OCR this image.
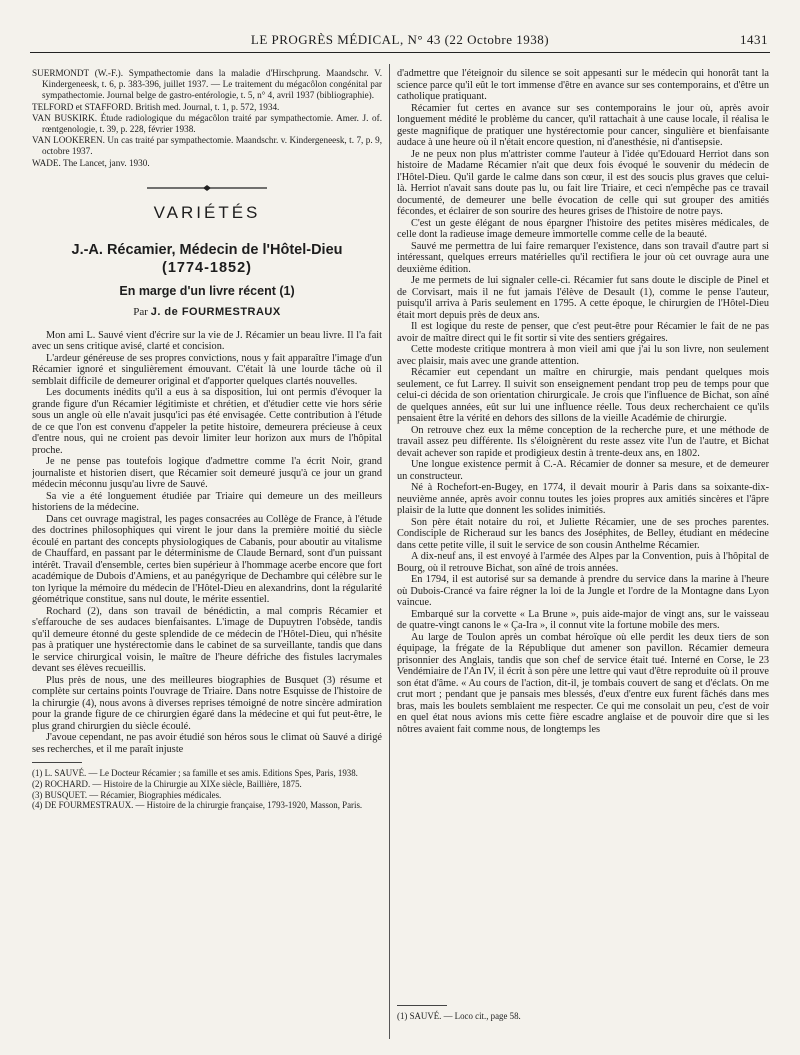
LE PROGRÈS MÉDICAL, N° 43 (22 Octobre 1938)	1431

SUERMONDT (W.-F.). Sympathectomie dans la maladie d'Hirschprung. Maandschr. V. Kindergeneesk, t. 6, p. 383-396, juillet 1937. — Le traitement du mégacôlon congénital par sympathectomie. Journal belge de gastro-entérologie, t. 5, n° 4, avril 1937 (bibliographie).

TELFORD et STAFFORD. British med. Journal, t. 1, p. 572, 1934.

VAN BUSKIRK. Étude radiologique du mégacôlon traité par sympathectomie. Amer. J. of. rœntgenologie, t. 39, p. 228, février 1938.

VAN LOOKEREN. Un cas traité par sympathectomie. Maandschr. v. Kindergeneesk, t. 7, p. 9, octobre 1937.

WADE. The Lancet, janv. 1930.

VARIÉTÉS

J.-A. Récamier, Médecin de l'Hôtel-Dieu

(1774-1852)

En marge d'un livre récent (1)

Par J. de FOURMESTRAUX

Mon ami L. Sauvé vient d'écrire sur la vie de J. Récamier un beau livre. Il l'a fait avec un sens critique avisé, clarté et concision.

L'ardeur généreuse de ses propres convictions, nous y fait apparaître l'image d'un Récamier ignoré et singulièrement émouvant. C'était là une lourde tâche où il semblait difficile de demeurer original et d'apporter quelques clartés nouvelles.

Les documents inédits qu'il a eus à sa disposition, lui ont permis d'évoquer la grande figure d'un Récamier légitimiste et chrétien, et d'étudier cette vie hors série sous un angle où elle n'avait jusqu'ici pas été envisagée. Cette contribution à l'étude de ce que l'on est convenu d'appeler la petite histoire, demeurera précieuse à ceux d'entre nous, qui ne croient pas devoir limiter leur horizon aux murs de l'hôpital proche.

Je ne pense pas toutefois logique d'admettre comme l'a écrit Noir, grand journaliste et historien disert, que Récamier soit demeuré jusqu'à ce jour un grand médecin méconnu jusqu'au livre de Sauvé.

Sa vie a été longuement étudiée par Triaire qui demeure un des meilleurs historiens de la médecine.

Dans cet ouvrage magistral, les pages consacrées au Collège de France, à l'étude des doctrines philosophiques qui virent le jour dans la première moitié du siècle écoulé en partant des concepts physiologiques de Cabanis, pour aboutir au vitalisme de Chauffard, en passant par le déterminisme de Claude Bernard, sont d'un puissant intérêt. Travail d'ensemble, certes bien supérieur à l'hommage acerbe encore que fort académique de Dubois d'Amiens, et au panégyrique de Dechambre qui célèbre sur le ton lyrique la mémoire du médecin de l'Hôtel-Dieu en alexandrins, dont la régularité géométrique constitue, sans nul doute, le mérite essentiel.

Rochard (2), dans son travail de bénédictin, a mal compris Récamier et s'effarouche de ses audaces bienfaisantes. L'image de Dupuytren l'obsède, tandis qu'il demeure étonné du geste splendide de ce médecin de l'Hôtel-Dieu, qui n'hésite pas à pratiquer une hystérectomie dans le cabinet de sa surveillante, tandis que dans le service chirurgical voisin, le maître de l'heure défriche des fistules lacrymales devant ses élèves recueillis.

Plus près de nous, une des meilleures biographies de Busquet (3) résume et complète sur certains points l'ouvrage de Triaire. Dans notre Esquisse de l'histoire de la chirurgie (4), nous avons à diverses reprises témoigné de notre sincère admiration pour la grande figure de ce chirurgien égaré dans la médecine et qui fut peut-être, le plus grand chirurgien du siècle écoulé.

J'avoue cependant, ne pas avoir étudié son héros sous le climat où Sauvé a dirigé ses recherches, et il me paraît injuste

(1) L. SAUVÉ. — Le Docteur Récamier ; sa famille et ses amis. Editions Spes, Paris, 1938.

(2) ROCHARD. — Histoire de la Chirurgie au XIXe siècle, Baillière, 1875.

(3) BUSQUET. — Récamier, Biographies médicales.

(4) DE FOURMESTRAUX. — Histoire de la chirurgie française, 1793-1920, Masson, Paris.

d'admettre que l'éteignoir du silence se soit appesanti sur le médecin qui honorât tant la science parce qu'il eût le tort immense d'être en avance sur ses contemporains, et d'être un catholique pratiquant.

Récamier fut certes en avance sur ses contemporains le jour où, après avoir longuement médité le problème du cancer, qu'il rattachait à une cause locale, il réalisa le geste magnifique de pratiquer une hystérectomie pour cancer, singulière et bienfaisante audace à une heure où il n'était encore question, ni d'anesthésie, ni d'antisepsie.

Je ne peux non plus m'attrister comme l'auteur à l'idée qu'Edouard Herriot dans son histoire de Madame Récamier n'ait que deux fois évoqué le souvenir du médecin de l'Hôtel-Dieu. Qu'il garde le calme dans son cœur, il est des soucis plus graves que celui-là. Herriot n'avait sans doute pas lu, ou fait lire Triaire, et ceci n'empêche pas ce travail documenté, de demeurer une belle évocation de celle qui sut grouper des amitiés fécondes, et éclairer de son sourire des heures grises de l'histoire de notre pays.

C'est un geste élégant de nous épargner l'histoire des petites misères médicales, de celle dont la radieuse image demeure immortelle comme celle de la beauté.

Sauvé me permettra de lui faire remarquer l'existence, dans son travail d'autre part si intéressant, quelques erreurs matérielles qu'il rectifiera le jour où cet ouvrage aura une deuxième édition.

Je me permets de lui signaler celle-ci. Récamier fut sans doute le disciple de Pinel et de Corvisart, mais il ne fut jamais l'élève de Desault (1), comme le pense l'auteur, puisqu'il arriva à Paris seulement en 1795. A cette époque, le chirurgien de l'Hôtel-Dieu était mort depuis près de deux ans.

Il est logique du reste de penser, que c'est peut-être pour Récamier le fait de ne pas avoir de maître direct qui le fit sortir si vite des sentiers grégaires.

Cette modeste critique montrera à mon vieil ami que j'ai lu son livre, non seulement avec plaisir, mais avec une grande attention.

Récamier eut cependant un maître en chirurgie, mais pendant quelques mois seulement, ce fut Larrey. Il suivit son enseignement pendant trop peu de temps pour que celui-ci décida de son orientation chirurgicale. Je crois que l'influence de Bichat, son aîné de quelques années, eût sur lui une influence réelle. Tous deux recherchaient ce qu'ils pensaient être la vérité en dehors des sillons de la vieille Académie de chirurgie.

On retrouve chez eux la même conception de la recherche pure, et une méthode de travail assez peu différente. Ils s'éloignèrent du reste assez vite l'un de l'autre, et Bichat devait achever son rapide et prodigieux destin à trente-deux ans, en 1802.

Une longue existence permit à C.-A. Récamier de donner sa mesure, et de demeurer un constructeur.

Né à Rochefort-en-Bugey, en 1774, il devait mourir à Paris dans sa soixante-dix-neuvième année, après avoir connu toutes les joies propres aux amitiés sincères et l'âpre plaisir de la lutte que donnent les solides inimitiés.

Son père était notaire du roi, et Juliette Récamier, une de ses proches parentes. Condisciple de Richeraud sur les bancs des Joséphites, de Belley, étudiant en médecine dans cette petite ville, il suit le service de son cousin Anthelme Récamier.

A dix-neuf ans, il est envoyé à l'armée des Alpes par la Convention, puis à l'hôpital de Bourg, où il retrouve Bichat, son aîné de trois années.

En 1794, il est autorisé sur sa demande à prendre du service dans la marine à l'heure où Dubois-Crancé va faire régner la loi de la Jungle et l'ordre de la Montagne dans Lyon vaincue.

Embarqué sur la corvette « La Brune », puis aide-major de vingt ans, sur le vaisseau de quatre-vingt canons le « Ça-Ira », il connut vite la fortune mobile des mers.

Au large de Toulon après un combat héroïque où elle perdit les deux tiers de son équipage, la frégate de la République dut amener son pavillon. Récamier demeura prisonnier des Anglais, tandis que son chef de service était tué. Interné en Corse, le 23 Vendémiaire de l'An IV, il écrit à son père une lettre qui vaut d'être reproduite où il prouve son état d'âme. « Au cours de l'action, dit-il, je tombais couvert de sang et d'éclats. On me crut mort ; pendant que je pansais mes blessés, d'eux d'entre eux furent fâchés dans mes bras, mais les boulets semblaient me respecter. Ce qui me consolait un peu, c'est de voir en quel état nous avions mis cette fière escadre anglaise et de pouvoir dire que si les nôtres avaient fait comme nous, de longtemps les

(1) SAUVÉ. — Loco cit., page 58.
